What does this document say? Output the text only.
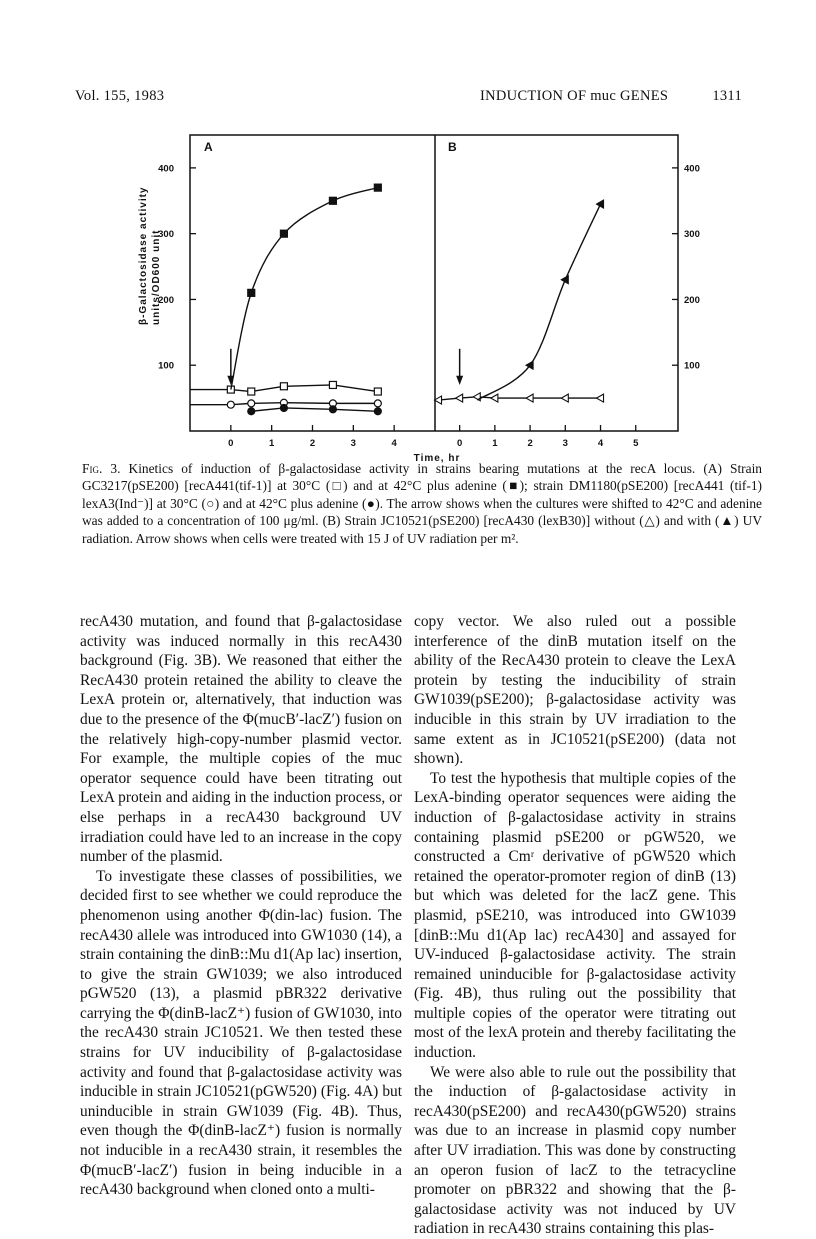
Vol. 155, 1983	INDUCTION OF muc GENES	1311
A	B
β-Galactosidase activity units/OD600 unit
Time, hr
100
200
300
400
0	1	2	3	4
100
200
300
400
0	1	2	3	4	5
Fig. 3. Kinetics of induction of β-galactosidase activity in strains bearing mutations at the recA locus. (A) Strain GC3217(pSE200) [recA441(tif-1)] at 30°C (□) and at 42°C plus adenine (■); strain DM1180(pSE200) [recA441 (tif-1) lexA3(Ind⁻)] at 30°C (○) and at 42°C plus adenine (●). The arrow shows when the cultures were shifted to 42°C and adenine was added to a concentration of 100 μg/ml. (B) Strain JC10521(pSE200) [recA430 (lexB30)] without (△) and with (▲) UV radiation. Arrow shows when cells were treated with 15 J of UV radiation per m².

recA430 mutation, and found that β-galactosidase activity was induced normally in this recA430 background (Fig. 3B). We reasoned that either the RecA430 protein retained the ability to cleave the LexA protein or, alternatively, that induction was due to the presence of the Φ(mucB′-lacZ′) fusion on the relatively high-copy-number plasmid vector. For example, the multiple copies of the muc operator sequence could have been titrating out LexA protein and aiding in the induction process, or else perhaps in a recA430 background UV irradiation could have led to an increase in the copy number of the plasmid.

To investigate these classes of possibilities, we decided first to see whether we could reproduce the phenomenon using another Φ(din-lac) fusion. The recA430 allele was introduced into GW1030 (14), a strain containing the dinB::Mu d1(Ap lac) insertion, to give the strain GW1039; we also introduced pGW520 (13), a plasmid pBR322 derivative carrying the Φ(dinB-lacZ⁺) fusion of GW1030, into the recA430 strain JC10521. We then tested these strains for UV inducibility of β-galactosidase activity and found that β-galactosidase activity was inducible in strain JC10521(pGW520) (Fig. 4A) but uninducible in strain GW1039 (Fig. 4B). Thus, even though the Φ(dinB-lacZ⁺) fusion is normally not inducible in a recA430 strain, it resembles the Φ(mucB′-lacZ′) fusion in being inducible in a recA430 background when cloned onto a multi-

copy vector. We also ruled out a possible interference of the dinB mutation itself on the ability of the RecA430 protein to cleave the LexA protein by testing the inducibility of strain GW1039(pSE200); β-galactosidase activity was inducible in this strain by UV irradiation to the same extent as in JC10521(pSE200) (data not shown).

To test the hypothesis that multiple copies of the LexA-binding operator sequences were aiding the induction of β-galactosidase activity in strains containing plasmid pSE200 or pGW520, we constructed a Cmʳ derivative of pGW520 which retained the operator-promoter region of dinB (13) but which was deleted for the lacZ gene. This plasmid, pSE210, was introduced into GW1039 [dinB::Mu d1(Ap lac) recA430] and assayed for UV-induced β-galactosidase activity. The strain remained uninducible for β-galactosidase activity (Fig. 4B), thus ruling out the possibility that multiple copies of the operator were titrating out most of the lexA protein and thereby facilitating the induction.

We were also able to rule out the possibility that the induction of β-galactosidase activity in recA430(pSE200) and recA430(pGW520) strains was due to an increase in plasmid copy number after UV irradiation. This was done by constructing an operon fusion of lacZ to the tetracycline promoter on pBR322 and showing that the β-galactosidase activity was not induced by UV radiation in recA430 strains containing this plas-
